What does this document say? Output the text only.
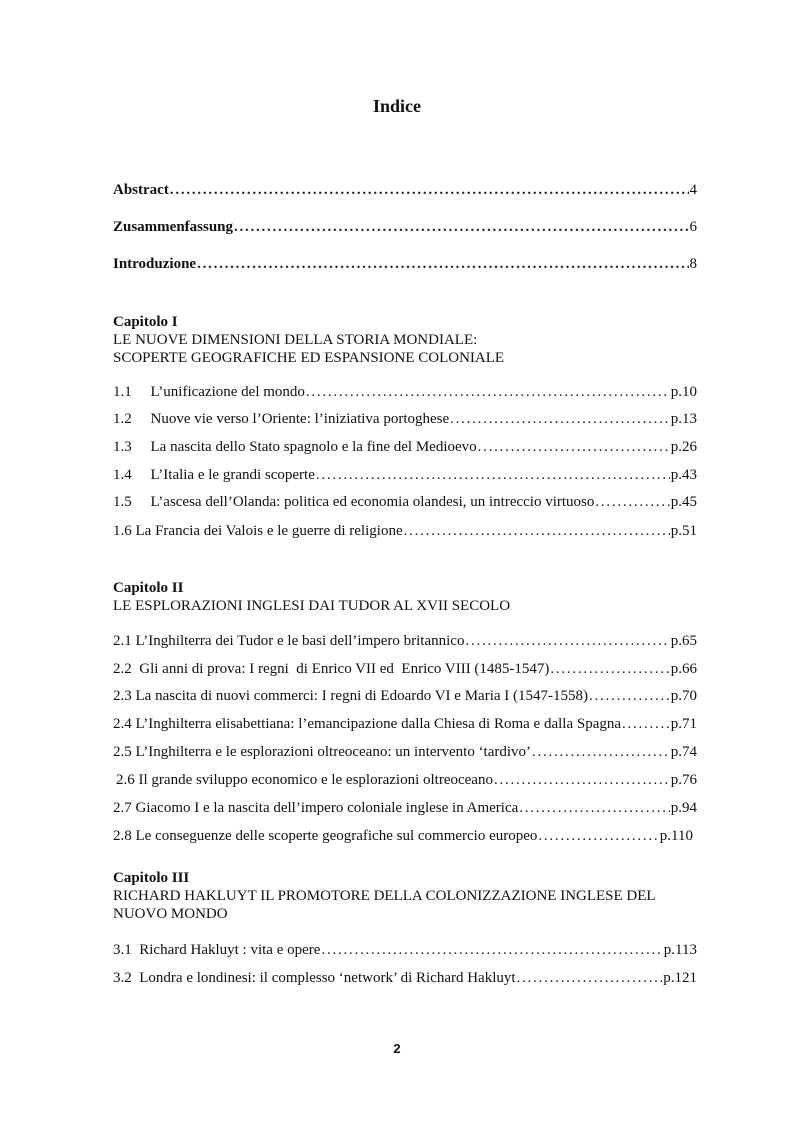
Indice
Abstract . . .	4
Zusammenfassung . . .	6
Introduzione . . .	8
Capitolo I
LE NUOVE DIMENSIONI DELLA STORIA MONDIALE:
SCOPERTE GEOGRAFICHE ED ESPANSIONE COLONIALE
1.1     L’unificazione del mondo . . .	p.10
1.2     Nuove vie verso l’Oriente: l’iniziativa portoghese . . .	p.13
1.3     La nascita dello Stato spagnolo e la fine del Medioevo . . .	p.26
1.4     L’Italia e le grandi scoperte . . .	p.43
1.5     L’ascesa dell’Olanda: politica ed economia olandesi, un intreccio virtuoso . . .	p.45
1.6 La Francia dei Valois e le guerre di religione . . .	p.51
Capitolo II
LE ESPLORAZIONI INGLESI DAI TUDOR AL XVII SECOLO
2.1 L’Inghilterra dei Tudor e le basi dell’impero britannico . . .	p.65
2.2  Gli anni di prova: I regni  di Enrico VII ed  Enrico VIII (1485-1547) . . .	p.66
2.3 La nascita di nuovi commerci: I regni di Edoardo VI e Maria I (1547-1558) . . .	p.70
2.4 L’Inghilterra elisabettiana: l’emancipazione dalla Chiesa di Roma e dalla Spagna . . .	p.71
2.5 L’Inghilterra e le esplorazioni oltreoceano: un intervento ‘tardivo’ . . .	p.74
2.6 Il grande sviluppo economico e le esplorazioni oltreoceano . . .	p.76
2.7 Giacomo I e la nascita dell’impero coloniale inglese in America . . .	p.94
2.8 Le conseguenze delle scoperte geografiche sul commercio europeo . . .	p.110
Capitolo III
RICHARD HAKLUYT IL PROMOTORE DELLA COLONIZZAZIONE INGLESE DEL
NUOVO MONDO
3.1  Richard Hakluyt : vita e opere . . .	p.113
3.2  Londra e londinesi: il complesso ‘network’ di Richard Hakluyt . . .	p.121
2
